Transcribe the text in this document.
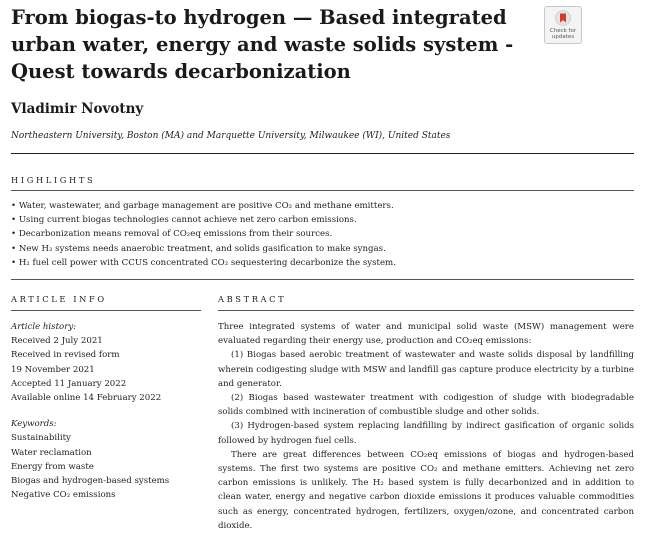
From biogas-to hydrogen — Based integrated urban water, energy and waste solids system - Quest towards decarbonization
Check for updates
Vladimir Novotny
Northeastern University, Boston (MA) and Marquette University, Milwaukee (WI), United States
HIGHLIGHTS
• Water, wastewater, and garbage management are positive CO₂ and methane emitters.
• Using current biogas technologies cannot achieve net zero carbon emissions.
• Decarbonization means removal of CO₂eq emissions from their sources.
• New H₂ systems needs anaerobic treatment, and solids gasification to make syngas.
• H₂ fuel cell power with CCUS concentrated CO₂ sequestering decarbonize the system.
ARTICLE INFO	ABSTRACT
Article history:
Received 2 July 2021
Received in revised form
19 November 2021
Accepted 11 January 2022
Available online 14 February 2022
Keywords:
Sustainability
Water reclamation
Energy from waste
Biogas and hydrogen-based systems
Negative CO₂ emissions

Three integrated systems of water and municipal solid waste (MSW) management were evaluated regarding their energy use, production and CO₂eq emissions:

(1) Biogas based aerobic treatment of wastewater and waste solids disposal by landfilling wherein codigesting sludge with MSW and landfill gas capture produce electricity by a turbine and generator.

(2) Biogas based wastewater treatment with codigestion of sludge with biodegradable solids combined with incineration of combustible sludge and other solids.

(3) Hydrogen-based system replacing landfilling by indirect gasification of organic solids followed by hydrogen fuel cells.

There are great differences between CO₂eq emissions of biogas and hydrogen-based systems. The first two systems are positive CO₂ and methane emitters. Achieving net zero carbon emissions is unlikely. The H₂ based system is fully decarbonized and in addition to clean water, energy and negative carbon dioxide emissions it produces valuable commodities such as energy, concentrated hydrogen, fertilizers, oxygen/ozone, and concentrated carbon dioxide.
